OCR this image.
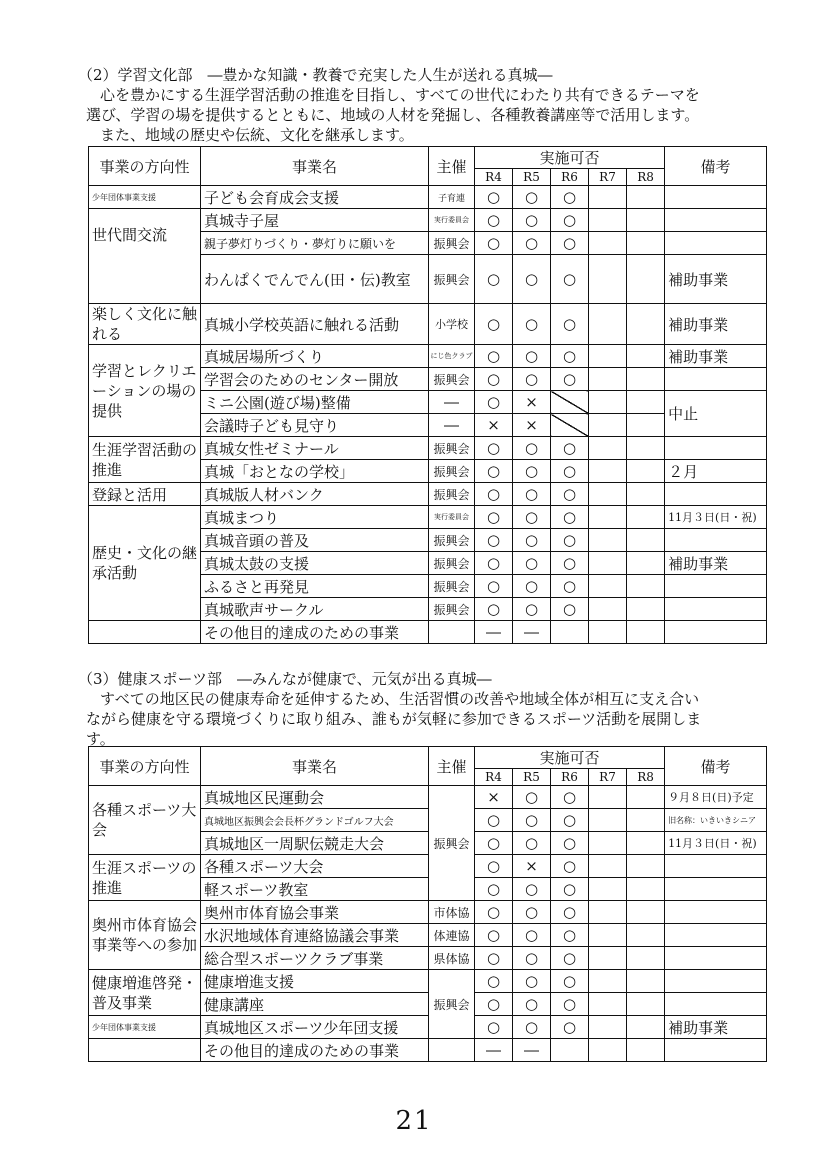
（2）学習文化部　―豊かな知識・教養で充実した人生が送れる真城―
心を豊かにする生涯学習活動の推進を目指し、すべての世代にわたり共有できるテーマを
選び、学習の場を提供するとともに、地域の人材を発掘し、各種教養講座等で活用します。
また、地域の歴史や伝統、文化を継承します。
事業の方向性	事業名	主催	実施可否					備考
			R4	R5	R6	R7	R8	
少年団体事業支援	子ども会育成会支援	子育連	○	○	○			
世代間交流	真城寺子屋	実行委員会	○	○	○			
	親子夢灯りづくり・夢灯りに願いを	振興会	○	○	○			
	わんぱくでんでん(田・伝)教室	振興会	○	○	○			補助事業
楽しく文化に触れる	真城小学校英語に触れる活動	小学校	○	○	○			補助事業
学習とレクリエーションの場の提供	真城居場所づくり	にじ色クラブ	○	○	○			補助事業
	学習会のためのセンター開放	振興会	○	○	○			
	ミニ公園(遊び場)整備	―	○	×				中止
	会議時子ども見守り	―	×	×				
生涯学習活動の推進	真城女性ゼミナール	振興会	○	○	○			
	真城「おとなの学校」	振興会	○	○	○			２月
登録と活用	真城版人材バンク	振興会	○	○	○			
歴史・文化の継承活動	真城まつり	実行委員会	○	○	○			11月３日(日・祝)
	真城音頭の普及	振興会	○	○	○			
	真城太鼓の支援	振興会	○	○	○			補助事業
	ふるさと再発見	振興会	○	○	○			
	真城歌声サークル	振興会	○	○	○			
	その他目的達成のための事業		―	―				
（3）健康スポーツ部　―みんなが健康で、元気が出る真城―
すべての地区民の健康寿命を延伸するため、生活習慣の改善や地域全体が相互に支え合い
ながら健康を守る環境づくりに取り組み、誰もが気軽に参加できるスポーツ活動を展開しま
す。
事業の方向性	事業名	主催	実施可否					備考
			R4	R5	R6	R7	R8	
各種スポーツ大会	真城地区民運動会	振興会	×	○	○			９月８日(日)予定
	真城地区振興会会長杯グランドゴルフ大会		○	○	○			旧名称：いきいきシニア
	真城地区一周駅伝競走大会		○	○	○			11月３日(日・祝)
生涯スポーツの推進	各種スポーツ大会		○	×	○			
	軽スポーツ教室		○	○	○			
奥州市体育協会事業等への参加	奥州市体育協会事業	市体協	○	○	○			
	水沢地域体育連絡協議会事業	体連協	○	○	○			
	総合型スポーツクラブ事業	県体協	○	○	○			
健康増進啓発・普及事業	健康増進支援	振興会	○	○	○			
	健康講座		○	○	○			
少年団体事業支援	真城地区スポーツ少年団支援		○	○	○			補助事業
	その他目的達成のための事業		―	―				
21
